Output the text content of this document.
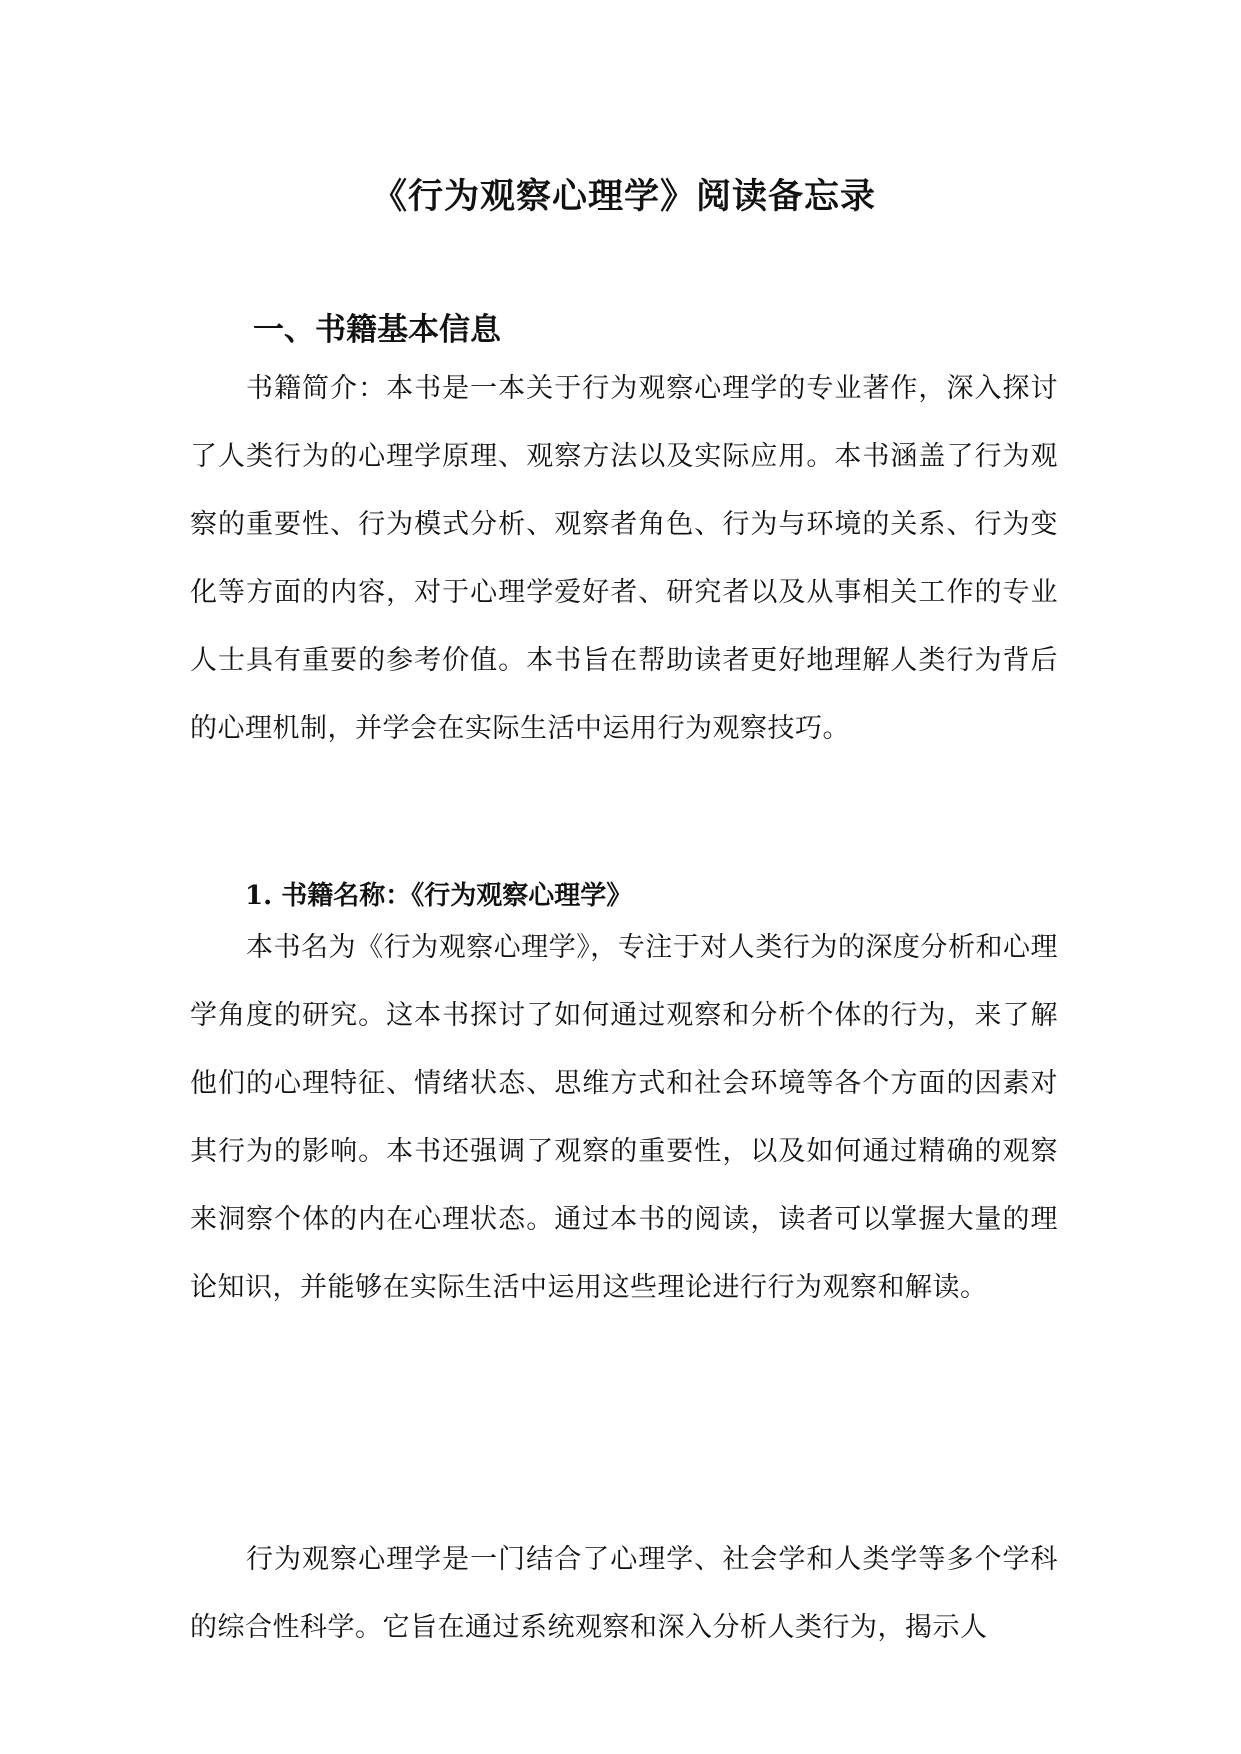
《行为观察心理学》阅读备忘录
一、书籍基本信息

书籍简介：本书是一本关于行为观察心理学的专业著作，深入探讨了人类行为的心理学原理、观察方法以及实际应用。本书涵盖了行为观察的重要性、行为模式分析、观察者角色、行为与环境的关系、行为变化等方面的内容，对于心理学爱好者、研究者以及从事相关工作的专业人士具有重要的参考价值。本书旨在帮助读者更好地理解人类行为背后的心理机制，并学会在实际生活中运用行为观察技巧。

1. 书籍名称：《行为观察心理学》

本书名为《行为观察心理学》，专注于对人类行为的深度分析和心理学角度的研究。这本书探讨了如何通过观察和分析个体的行为，来了解他们的心理特征、情绪状态、思维方式和社会环境等各个方面的因素对其行为的影响。本书还强调了观察的重要性，以及如何通过精确的观察来洞察个体的内在心理状态。通过本书的阅读，读者可以掌握大量的理论知识，并能够在实际生活中运用这些理论进行行为观察和解读。

行为观察心理学是一门结合了心理学、社会学和人类学等多个学科的综合性科学。它旨在通过系统观察和深入分析人类行为，揭示人
